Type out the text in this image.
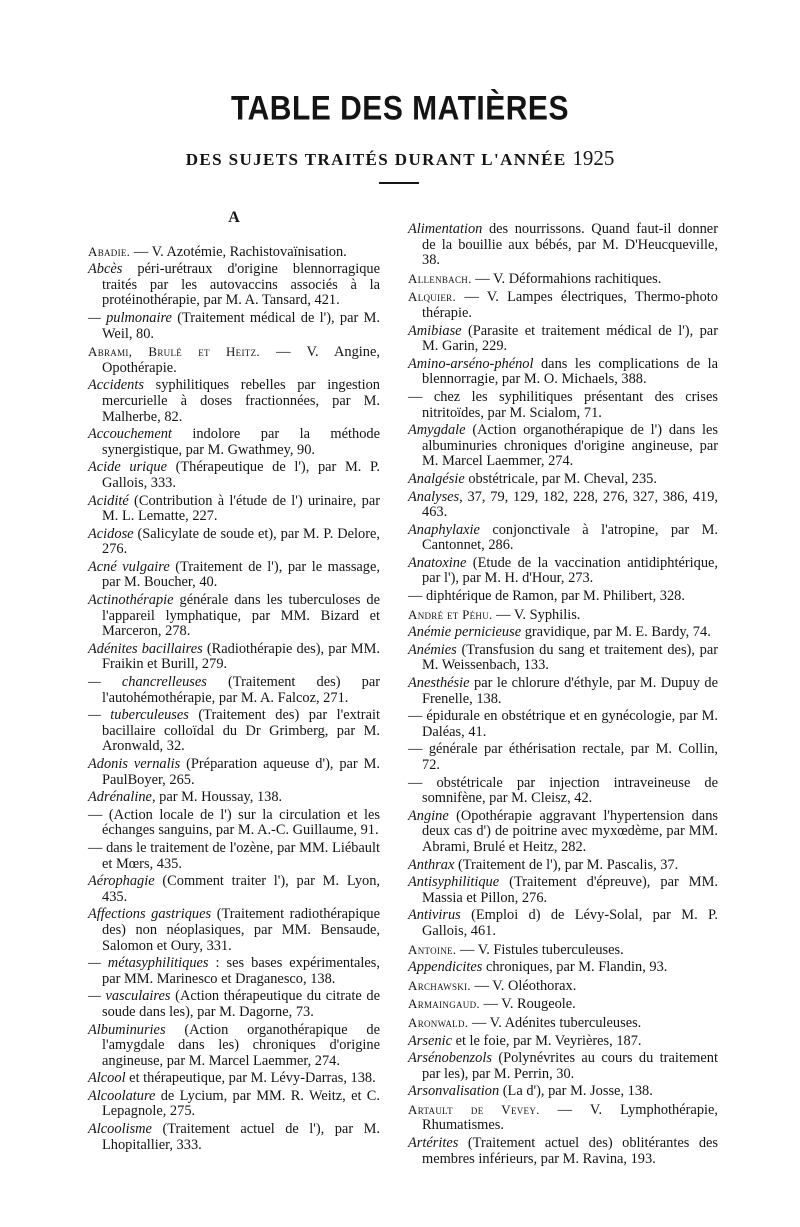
TABLE DES MATIÈRES
DES SUJETS TRAITÉS DURANT L'ANNÉE 1925
A

Abadie. — V. Azotémie, Rachistovaïnisation.

Abcès péri-urétraux d'origine blennorragique traités par les autovaccins associés à la protéinothérapie, par M. A. Tansard, 421.

— pulmonaire (Traitement médical de l'), par M. Weil, 80.

Abrami, Brulé et Heitz. — V. Angine, Opothérapie.

Accidents syphilitiques rebelles par ingestion mercurielle à doses fractionnées, par M. Malherbe, 82.

Accouchement indolore par la méthode synergistique, par M. Gwathmey, 90.

Acide urique (Thérapeutique de l'), par M. P. Gallois, 333.

Acidité (Contribution à l'étude de l') urinaire, par M. L. Lematte, 227.

Acidose (Salicylate de soude et), par M. P. Delore, 276.

Acné vulgaire (Traitement de l'), par le massage, par M. Boucher, 40.

Actinothérapie générale dans les tuberculoses de l'appareil lymphatique, par MM. Bizard et Marceron, 278.

Adénites bacillaires (Radiothérapie des), par MM. Fraikin et Burill, 279.

— chancrelleuses (Traitement des) par l'autohémothérapie, par M. A. Falcoz, 271.

— tuberculeuses (Traitement des) par l'extrait bacillaire colloïdal du Dr Grimberg, par M. Aronwald, 32.

Adonis vernalis (Préparation aqueuse d'), par M. PaulBoyer, 265.

Adrénaline, par M. Houssay, 138.

— (Action locale de l') sur la circulation et les échanges sanguins, par M. A.-C. Guillaume, 91.

— dans le traitement de l'ozène, par MM. Liébault et Mœrs, 435.

Aérophagie (Comment traiter l'), par M. Lyon, 435.

Affections gastriques (Traitement radiothérapique des) non néoplasiques, par MM. Bensaude, Salomon et Oury, 331.

— métasyphilitiques : ses bases expérimentales, par MM. Marinesco et Draganesco, 138.

— vasculaires (Action thérapeutique du citrate de soude dans les), par M. Dagorne, 73.

Albuminuries (Action organothérapique de l'amygdale dans les) chroniques d'origine angineuse, par M. Marcel Laemmer, 274.

Alcool et thérapeutique, par M. Lévy-Darras, 138.

Alcoolature de Lycium, par MM. R. Weitz, et C. Lepagnole, 275.

Alcoolisme (Traitement actuel de l'), par M. Lhopitallier, 333.

Alimentation des nourrissons. Quand faut-il donner de la bouillie aux bébés, par M. D'Heucqueville, 38.

Allenbach. — V. Déformahions rachitiques.

Alquier. — V. Lampes électriques, Thermo-photo thérapie.

Amibiase (Parasite et traitement médical de l'), par M. Garin, 229.

Amino-arséno-phénol dans les complications de la blennorragie, par M. O. Michaels, 388.

— chez les syphilitiques présentant des crises nitritoïdes, par M. Scialom, 71.

Amygdale (Action organothérapique de l') dans les albuminuries chroniques d'origine angineuse, par M. Marcel Laemmer, 274.

Analgésie obstétricale, par M. Cheval, 235.

Analyses, 37, 79, 129, 182, 228, 276, 327, 386, 419, 463.

Anaphylaxie conjonctivale à l'atropine, par M. Cantonnet, 286.

Anatoxine (Etude de la vaccination antidiphtérique, par l'), par M. H. d'Hour, 273.

— diphtérique de Ramon, par M. Philibert, 328.

André et Péhu. — V. Syphilis.

Anémie pernicieuse gravidique, par M. E. Bardy, 74.

Anémies (Transfusion du sang et traitement des), par M. Weissenbach, 133.

Anesthésie par le chlorure d'éthyle, par M. Dupuy de Frenelle, 138.

— épidurale en obstétrique et en gynécologie, par M. Daléas, 41.

— générale par éthérisation rectale, par M. Collin, 72.

— obstétricale par injection intraveineuse de somnifène, par M. Cleisz, 42.

Angine (Opothérapie aggravant l'hypertension dans deux cas d') de poitrine avec myxœdème, par MM. Abrami, Brulé et Heitz, 282.

Anthrax (Traitement de l'), par M. Pascalis, 37.

Antisyphilitique (Traitement d'épreuve), par MM. Massia et Pillon, 276.

Antivirus (Emploi d) de Lévy-Solal, par M. P. Gallois, 461.

Antoine. — V. Fistules tuberculeuses.

Appendicites chroniques, par M. Flandin, 93.

Archawski. — V. Oléothorax.

Armaingaud. — V. Rougeole.

Aronwald. — V. Adénites tuberculeuses.

Arsenic et le foie, par M. Veyrières, 187.

Arsénobenzols (Polynévrites au cours du traitement par les), par M. Perrin, 30.

Arsonvalisation (La d'), par M. Josse, 138.

Artault de Vevey. — V. Lymphothérapie, Rhumatismes.

Artérites (Traitement actuel des) oblitérantes des membres inférieurs, par M. Ravina, 193.
